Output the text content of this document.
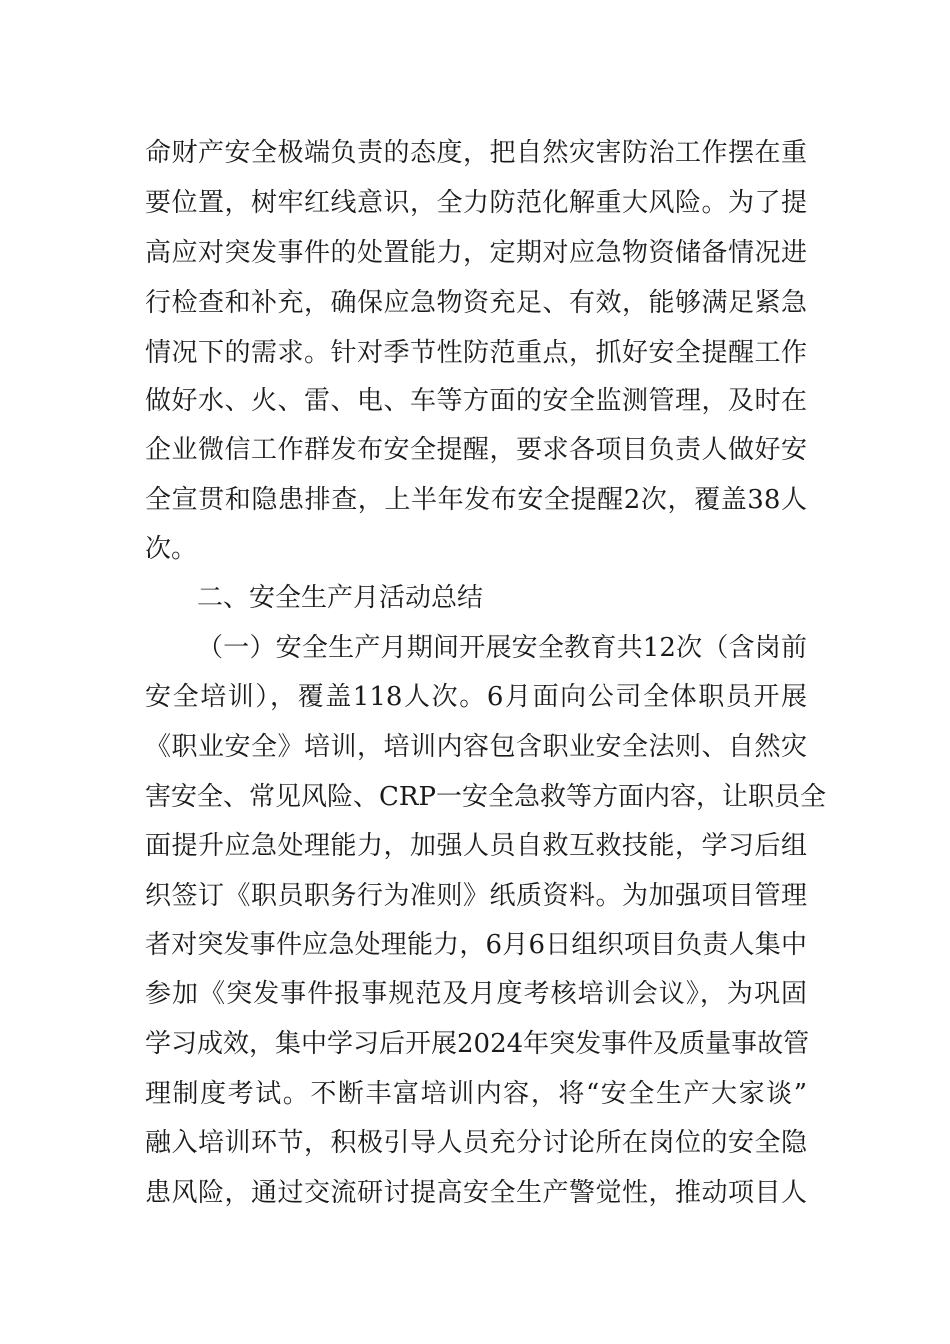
命财产安全极端负责的态度，把自然灾害防治工作摆在重
要位置，树牢红线意识，全力防范化解重大风险。为了提
高应对突发事件的处置能力，定期对应急物资储备情况进
行检查和补充，确保应急物资充足、有效，能够满足紧急
情况下的需求。针对季节性防范重点，抓好安全提醒工作
做好水、火、雷、电、车等方面的安全监测管理，及时在
企业微信工作群发布安全提醒，要求各项目负责人做好安
全宣贯和隐患排查，上半年发布安全提醒2次，覆盖38人
次。
二、安全生产月活动总结
（一）安全生产月期间开展安全教育共12次（含岗前
安全培训），覆盖118人次。6月面向公司全体职员开展
《职业安全》培训，培训内容包含职业安全法则、自然灾
害安全、常见风险、CRP一安全急救等方面内容，让职员全
面提升应急处理能力，加强人员自救互救技能，学习后组
织签订《职员职务行为准则》纸质资料。为加强项目管理
者对突发事件应急处理能力，6月6日组织项目负责人集中
参加《突发事件报事规范及月度考核培训会议》，为巩固
学习成效，集中学习后开展2024年突发事件及质量事故管
理制度考试。不断丰富培训内容，将“安全生产大家谈”
融入培训环节，积极引导人员充分讨论所在岗位的安全隐
患风险，通过交流研讨提高安全生产警觉性，推动项目人
